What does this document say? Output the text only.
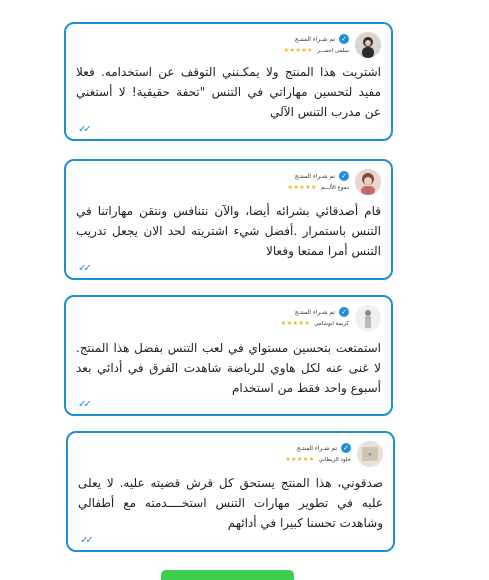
✓
تم شـراء المنتـج
سلمى احمـــر
★★★★★
اشتريت هذا المنتج ولا يمكـنني التوقف عن استخدامه. فعلا مفيد لتحسين مهاراتي في التنس "تحفة حقيقية! لا أستغني عن مدرب التنس الآلي
✓✓
✓
تم شـراء المنتـج
دموع الألـــم
★★★★★
قام أصدقائي بشرائه أيضا، والآن نتنافس ونتقن مهاراتنا في التنس باستمرار .أفضل شيء اشتريته لحد الان يجعل تدريب التنس أمرا ممتعا وفعالا
✓✓
✓
تم شـراء المنتـج
كريمة ابوشامي
★★★★★
استمتعت بتحسين مستواي في لعب التنس بفضل هذا المنتج. لا غنى عنه لكل هاوي للرياضة شاهدت الفرق في أدائي بعد أسبوع واحد فقط من استخدام
✓✓
×
✓
تم شـراء المنتـج
خلود الزيطاني
★★★★★
صدقوني، هذا المنتج يستحق كل قرش قضيته عليه. لا يعلى عليه في تطوير مهارات التنس استخــــدمته مع أطفالي وشاهدت تحسنا كبيرا في أدائهم
✓✓
